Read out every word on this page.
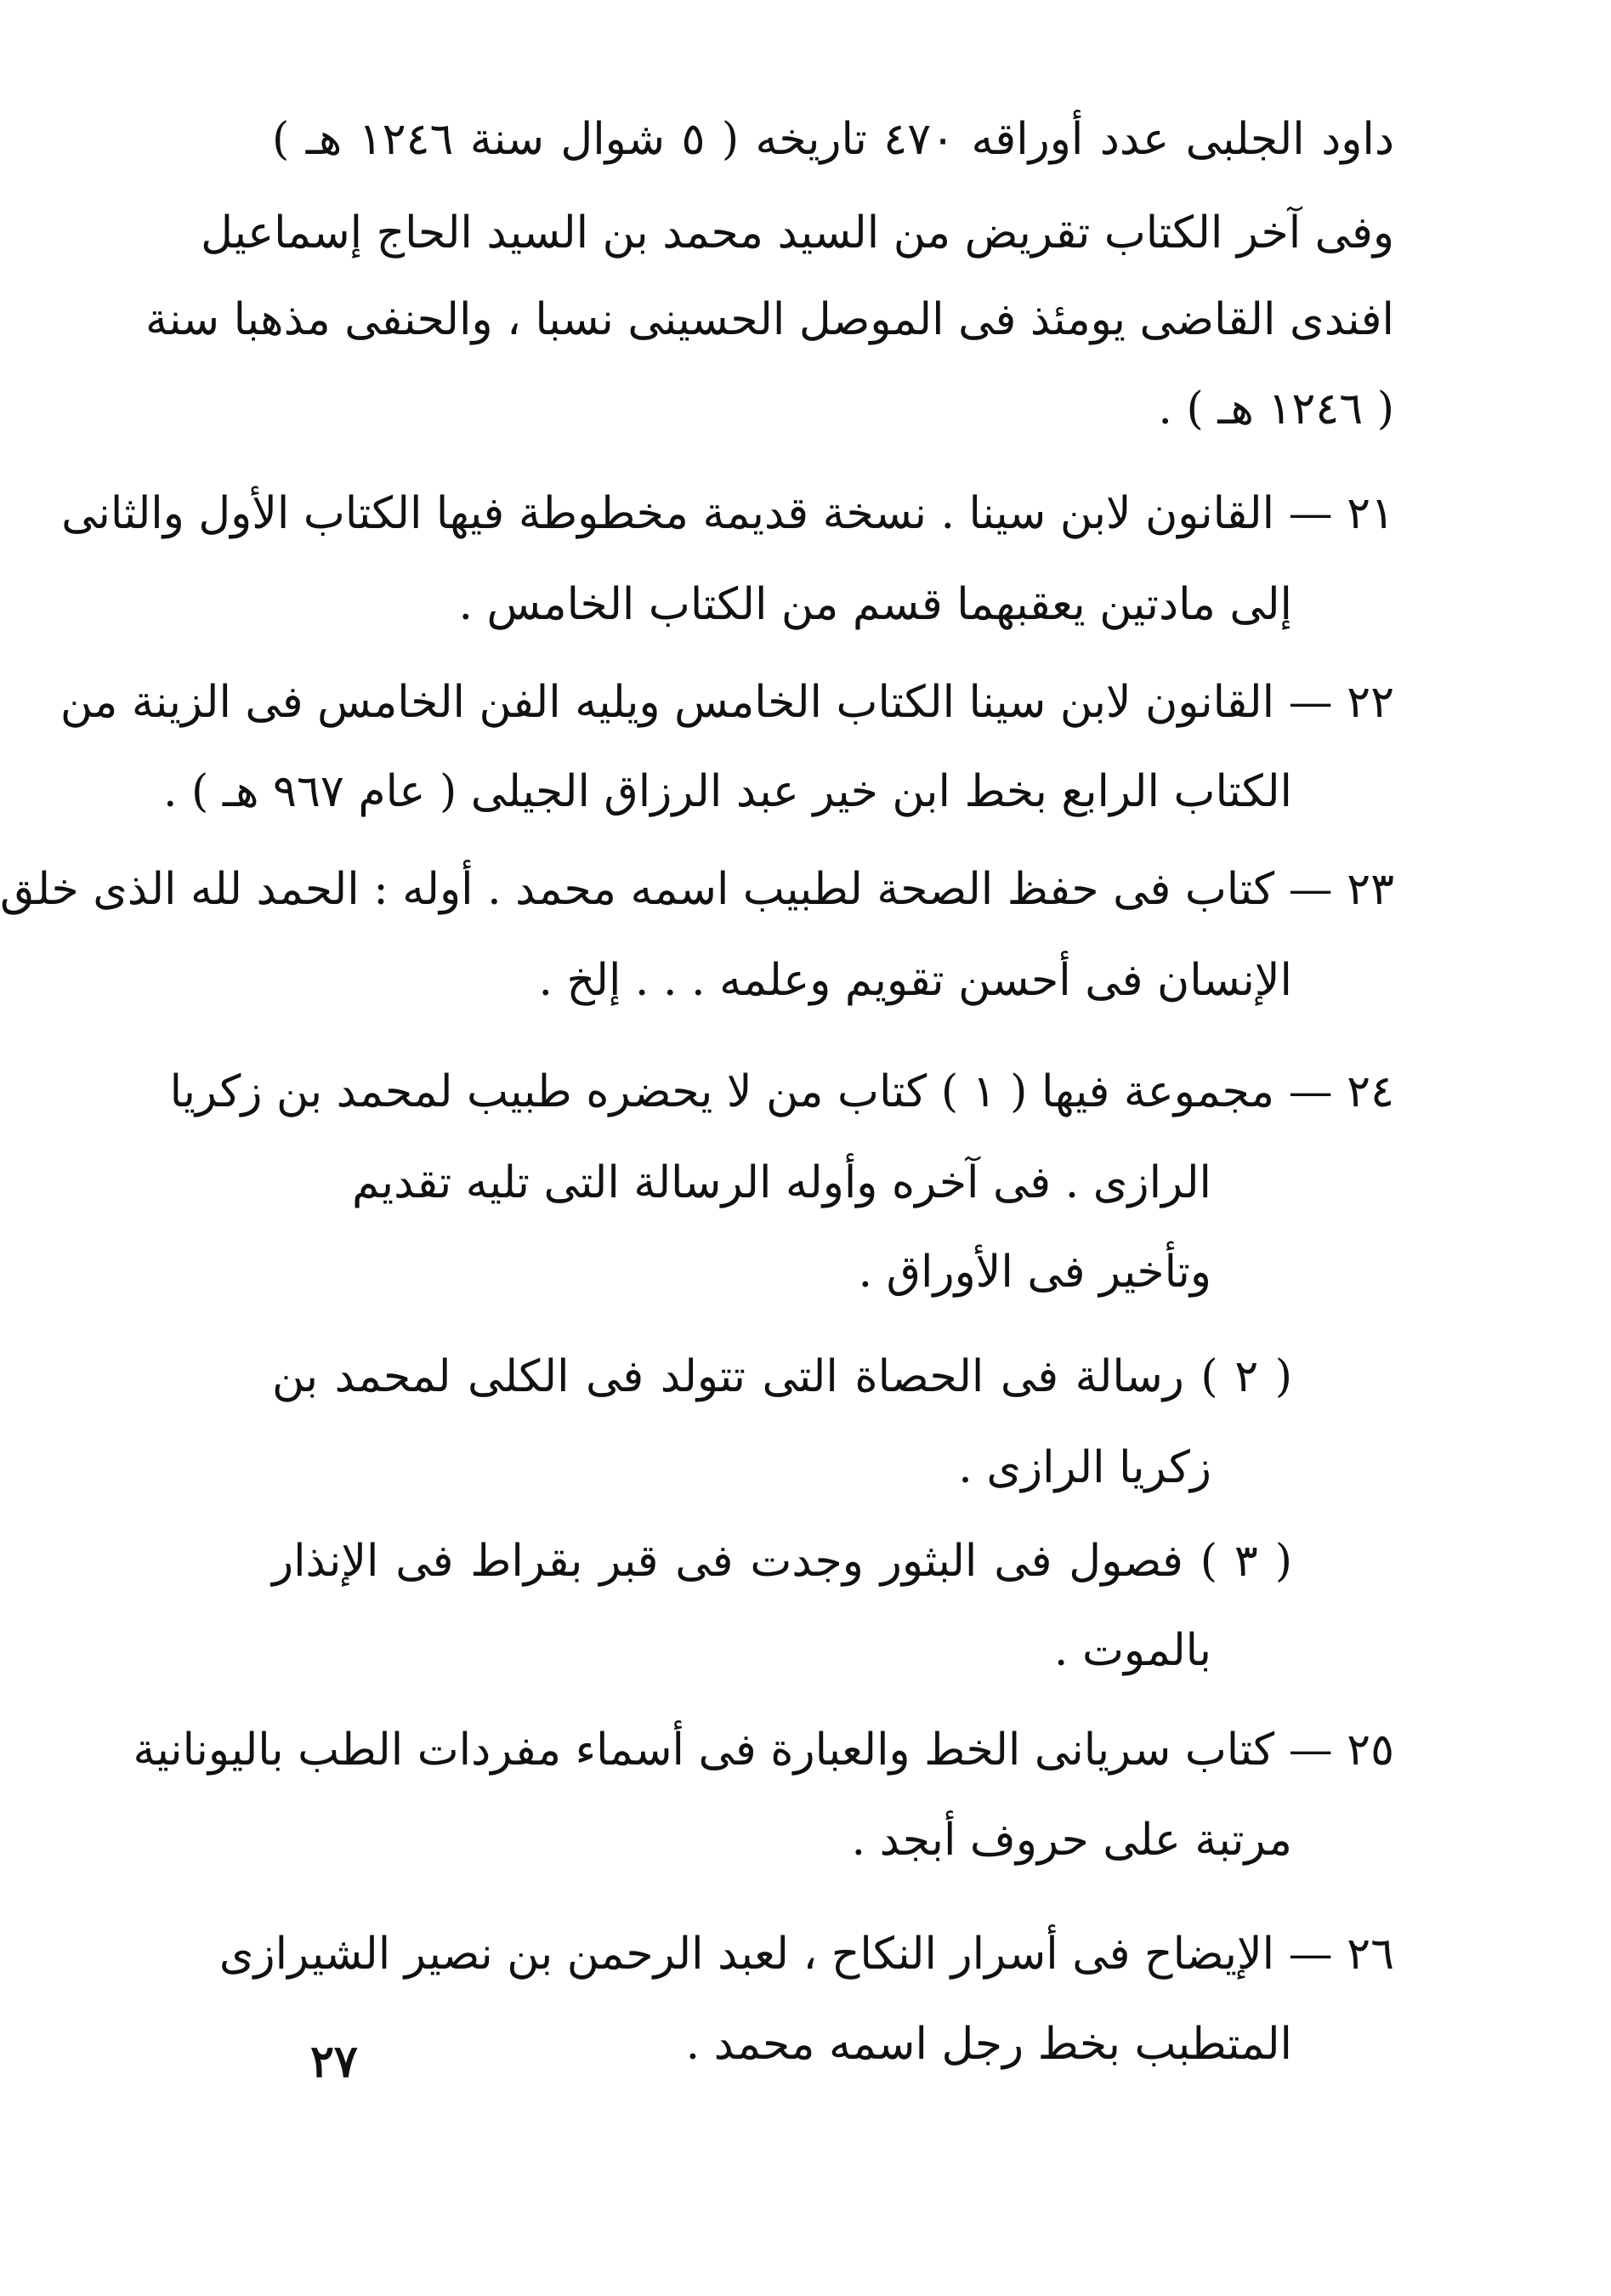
داود الجلبى عدد أوراقه ٤٧٠ تاريخه ( ٥ شوال سنة ١٢٤٦ هـ )
وفى آخر الكتاب تقريض من السيد محمد بن السيد الحاج إسماعيل
افندى القاضى يومئذ فى الموصل الحسينى نسبا ، والحنفى مذهبا سنة
( ١٢٤٦ هـ ) .
٢١ — القانون لابن سينا . نسخة قديمة مخطوطة فيها الكتاب الأول والثانى
إلى مادتين يعقبهما قسم من الكتاب الخامس .
٢٢ — القانون لابن سينا الكتاب الخامس ويليه الفن الخامس فى الزينة من
الكتاب الرابع بخط ابن خير عبد الرزاق الجيلى ( عام ٩٦٧ هـ ) .
٢٣ — كتاب فى حفظ الصحة لطبيب اسمه محمد . أوله : الحمد لله الذى خلق
الإنسان فى أحسن تقويم وعلمه . . . إلخ .
٢٤ — مجموعة فيها ( ١ ) كتاب من لا يحضره طبيب لمحمد بن زكريا
الرازى . فى آخره وأوله الرسالة التى تليه تقديم
وتأخير فى الأوراق .
( ٢ ) رسالة فى الحصاة التى تتولد فى الكلى لمحمد بن
زكريا الرازى .
( ٣ ) فصول فى البثور وجدت فى قبر بقراط فى الإنذار
بالموت .
٢٥ — كتاب سريانى الخط والعبارة فى أسماء مفردات الطب باليونانية
مرتبة على حروف أبجد .
٢٦ — الإيضاح فى أسرار النكاح ، لعبد الرحمن بن نصير الشيرازى
المتطبب بخط رجل اسمه محمد .
٢٧
